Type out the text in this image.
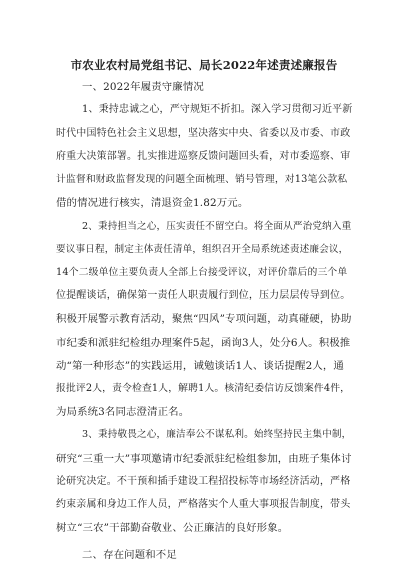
市农业农村局党组书记、局长2022年述责述廉报告
一、2022年履责守廉情况
1、秉持忠诚之心，严守规矩不折扣。深入学习贯彻习近平新
时代中国特色社会主义思想，坚决落实中央、省委以及市委、市政
府重大决策部署。扎实推进巡察反馈问题回头看，对市委巡察、审
计监督和财政监督发现的问题全面梳理、销号管理，对13笔公款私
借的情况进行核实，清退资金1.82万元。
2、秉持担当之心，压实责任不留空白。将全面从严治党纳入重
要议事日程，制定主体责任清单，组织召开全局系统述责述廉会议，
14个二级单位主要负责人全部上台接受评议，对评价靠后的三个单
位提醒谈话，确保第一责任人职责履行到位，压力层层传导到位。
积极开展警示教育活动，聚焦“四风”专项问题，动真碰硬，协助
市纪委和派驻纪检组办理案件5起，函询3人，处分6人。积极推
动“第一种形态”的实践运用，诫勉谈话1人、谈话提醒2人，通
报批评2人，责令检查1人，解聘1人。核清纪委信访反馈案件4件，
为局系统3名同志澄清正名。
3、秉持敬畏之心，廉洁奉公不谋私利。始终坚持民主集中制，
研究“三重一大”事项邀请市纪委派驻纪检组参加，由班子集体讨
论研究决定。不干预和插手建设工程招投标等市场经济活动，严格
约束亲属和身边工作人员，严格落实个人重大事项报告制度，带头
树立“三农”干部勤奋敬业、公正廉洁的良好形象。
二、存在问题和不足
